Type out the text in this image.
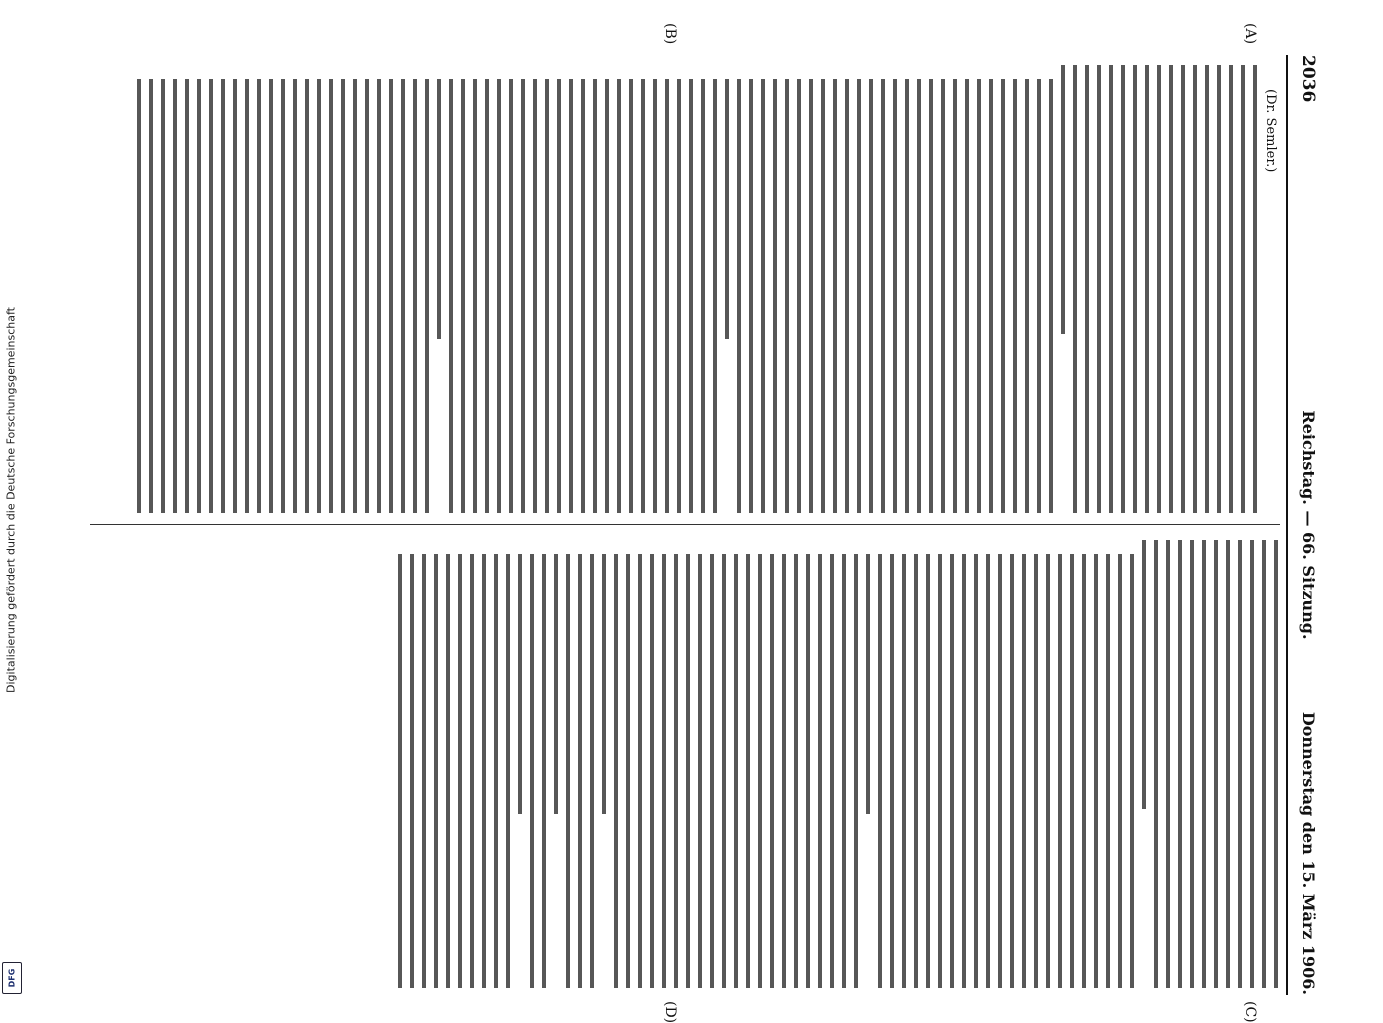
Digitalisierung gefördert durch die Deutsche Forschungsgemeinschaft
DFG
2036
Reichstag. — 66. Sitzung.
Donnerstag den 15. März 1906.
(A)
(B)
(C)
(D)
(Dr. Semler.)
